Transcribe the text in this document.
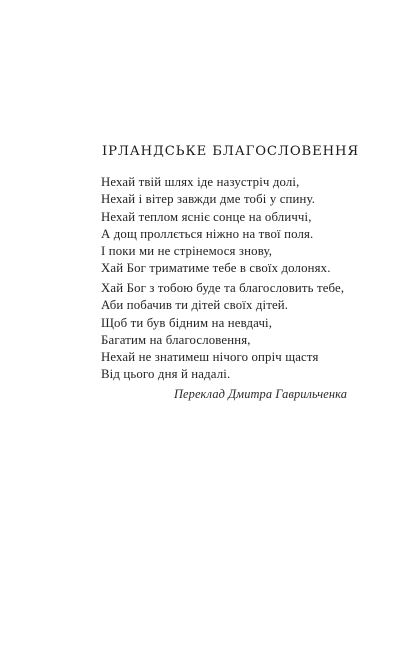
ІРЛАНДСЬКЕ БЛАГОСЛОВЕННЯ
Нехай твій шлях іде назустріч долі,
Нехай і вітер завжди дме тобі у спину.
Нехай теплом ясніє сонце на обличчі,
А дощ проллється ніжно на твої поля.
І поки ми не стрінемося знову,
Хай Бог триматиме тебе в своїх долонях.
Хай Бог з тобою буде та благословить тебе,
Аби побачив ти дітей своїх дітей.
Щоб ти був бідним на невдачі,
Багатим на благословення,
Нехай не знатимеш нічого опріч щастя
Від цього дня й надалі.

Переклад Дмитра Гаврильченка
